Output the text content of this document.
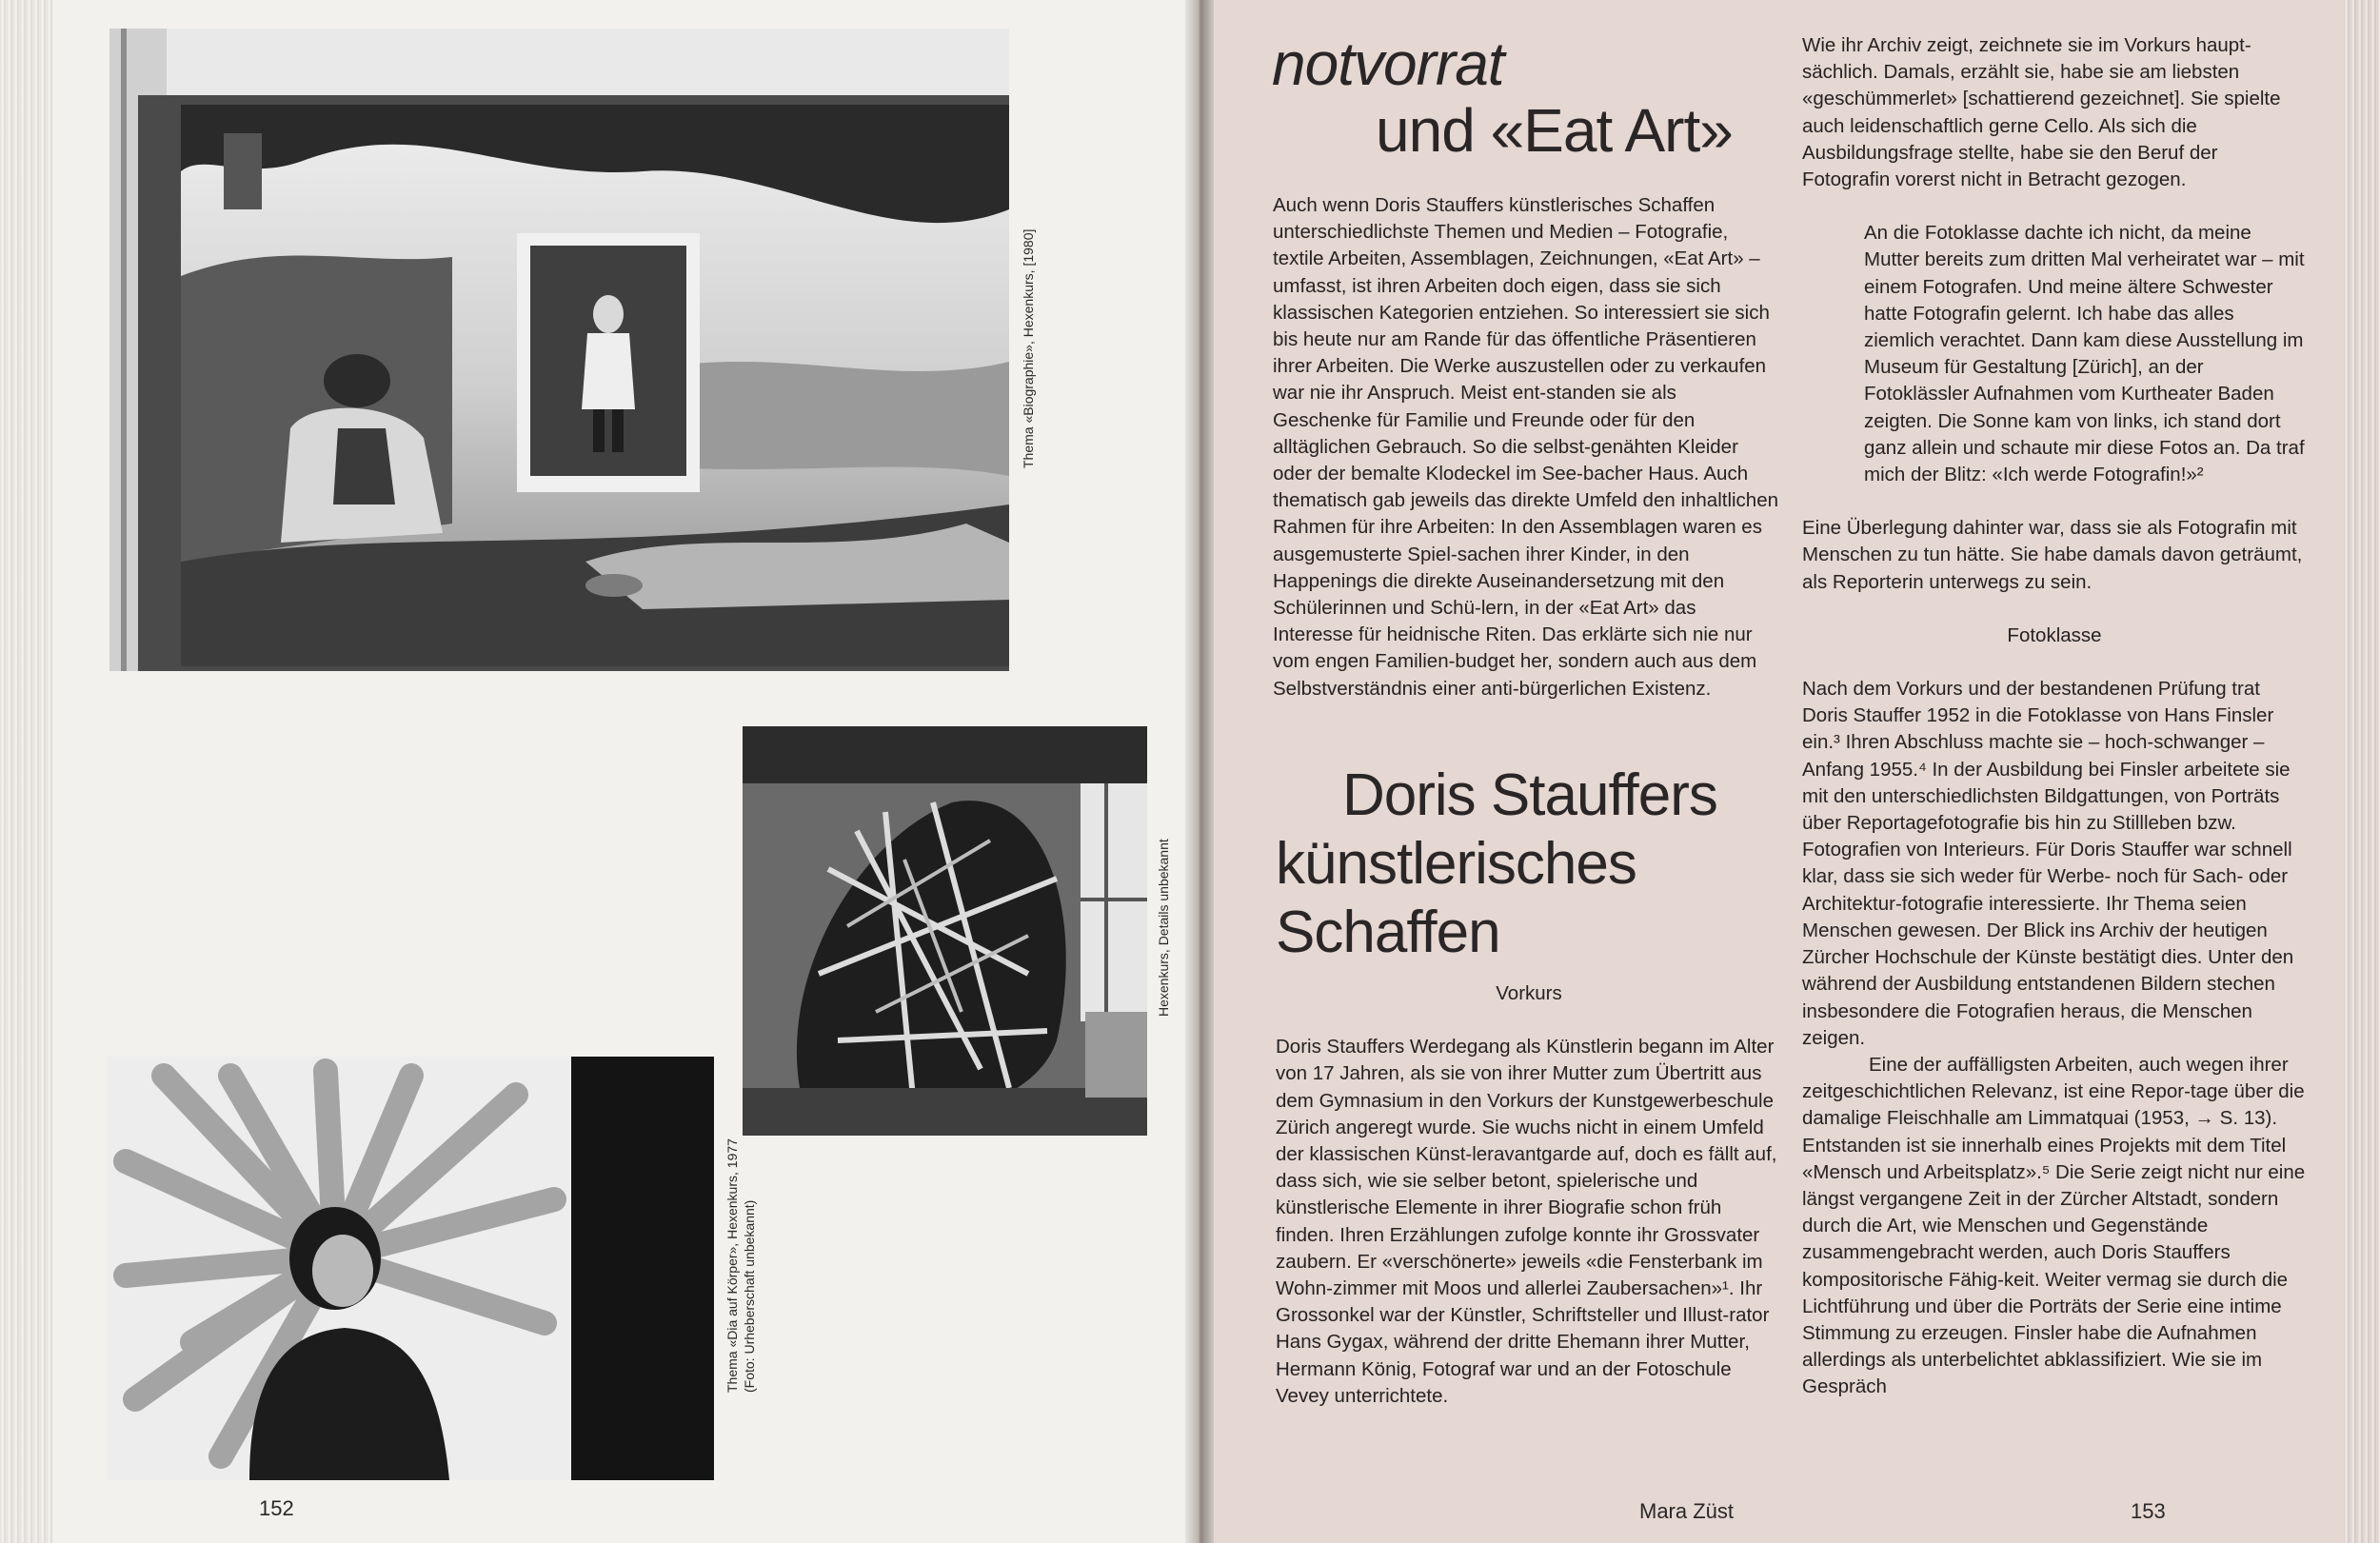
Thema «Biographie», Hexenkurs, [1980]
Hexenkurs, Details unbekannt
Thema «Dia auf Körper», Hexenkurs, 1977 (Foto: Urheberschaft unbekannt)
152
notvorrat
und «Eat Art»

Auch wenn Doris Stauffers künstlerisches Schaffen unterschiedlichste Themen und Medien – Fotografie, textile Arbeiten, Assemblagen, Zeichnungen, «Eat Art» – umfasst, ist ihren Arbeiten doch eigen, dass sie sich klassischen Kategorien entziehen. So interessiert sie sich bis heute nur am Rande für das öffentliche Präsentieren ihrer Arbeiten. Die Werke auszustellen oder zu verkaufen war nie ihr Anspruch. Meist ent-standen sie als Geschenke für Familie und Freunde oder für den alltäglichen Gebrauch. So die selbst-genähten Kleider oder der bemalte Klodeckel im See-bacher Haus. Auch thematisch gab jeweils das direkte Umfeld den inhaltlichen Rahmen für ihre Arbeiten: In den Assemblagen waren es ausgemusterte Spiel-sachen ihrer Kinder, in den Happenings die direkte Auseinandersetzung mit den Schülerinnen und Schü-lern, in der «Eat Art» das Interesse für heidnische Riten. Das erklärte sich nie nur vom engen Familien-budget her, sondern auch aus dem Selbstverständnis einer anti-bürgerlichen Existenz.

Doris Stauffers
künstlerisches
Schaffen

Vorkurs

Doris Stauffers Werdegang als Künstlerin begann im Alter von 17 Jahren, als sie von ihrer Mutter zum Übertritt aus dem Gymnasium in den Vorkurs der Kunstgewerbeschule Zürich angeregt wurde. Sie wuchs nicht in einem Umfeld der klassischen Künst-leravantgarde auf, doch es fällt auf, dass sich, wie sie selber betont, spielerische und künstlerische Elemente in ihrer Biografie schon früh finden. Ihren Erzählungen zufolge konnte ihr Grossvater zaubern. Er «verschönerte» jeweils «die Fensterbank im Wohn-zimmer mit Moos und allerlei Zaubersachen»¹. Ihr Grossonkel war der Künstler, Schriftsteller und Illust-rator Hans Gygax, während der dritte Ehemann ihrer Mutter, Hermann König, Fotograf war und an der Fotoschule Vevey unterrichtete.

Wie ihr Archiv zeigt, zeichnete sie im Vorkurs haupt-sächlich. Damals, erzählt sie, habe sie am liebsten «geschümmerlet» [schattierend gezeichnet]. Sie spielte auch leidenschaftlich gerne Cello. Als sich die Ausbildungsfrage stellte, habe sie den Beruf der Fotografin vorerst nicht in Betracht gezogen.

An die Fotoklasse dachte ich nicht, da meine Mutter bereits zum dritten Mal verheiratet war – mit einem Fotografen. Und meine ältere Schwester hatte Fotografin gelernt. Ich habe das alles ziemlich verachtet. Dann kam diese Ausstellung im Museum für Gestaltung [Zürich], an der Fotoklässler Aufnahmen vom Kurtheater Baden zeigten. Die Sonne kam von links, ich stand dort ganz allein und schaute mir diese Fotos an. Da traf mich der Blitz: «Ich werde Fotografin!»²

Eine Überlegung dahinter war, dass sie als Fotografin mit Menschen zu tun hätte. Sie habe damals davon geträumt, als Reporterin unterwegs zu sein.

Fotoklasse

Nach dem Vorkurs und der bestandenen Prüfung trat Doris Stauffer 1952 in die Fotoklasse von Hans Finsler ein.³ Ihren Abschluss machte sie – hoch-schwanger – Anfang 1955.⁴ In der Ausbildung bei Finsler arbeitete sie mit den unterschiedlichsten Bildgattungen, von Porträts über Reportagefotografie bis hin zu Stillleben bzw. Fotografien von Interieurs. Für Doris Stauffer war schnell klar, dass sie sich weder für Werbe- noch für Sach- oder Architektur-fotografie interessierte. Ihr Thema seien Menschen gewesen. Der Blick ins Archiv der heutigen Zürcher Hochschule der Künste bestätigt dies. Unter den während der Ausbildung entstandenen Bildern stechen insbesondere die Fotografien heraus, die Menschen zeigen.

Eine der auffälligsten Arbeiten, auch wegen ihrer zeitgeschichtlichen Relevanz, ist eine Repor-tage über die damalige Fleischhalle am Limmatquai (1953, → S. 13). Entstanden ist sie innerhalb eines Projekts mit dem Titel «Mensch und Arbeitsplatz».⁵ Die Serie zeigt nicht nur eine längst vergangene Zeit in der Zürcher Altstadt, sondern durch die Art, wie Menschen und Gegenstände zusammengebracht werden, auch Doris Stauffers kompositorische Fähig-keit. Weiter vermag sie durch die Lichtführung und über die Porträts der Serie eine intime Stimmung zu erzeugen. Finsler habe die Aufnahmen allerdings als unterbelichtet abklassifiziert. Wie sie im Gespräch

Mara Züst	153
